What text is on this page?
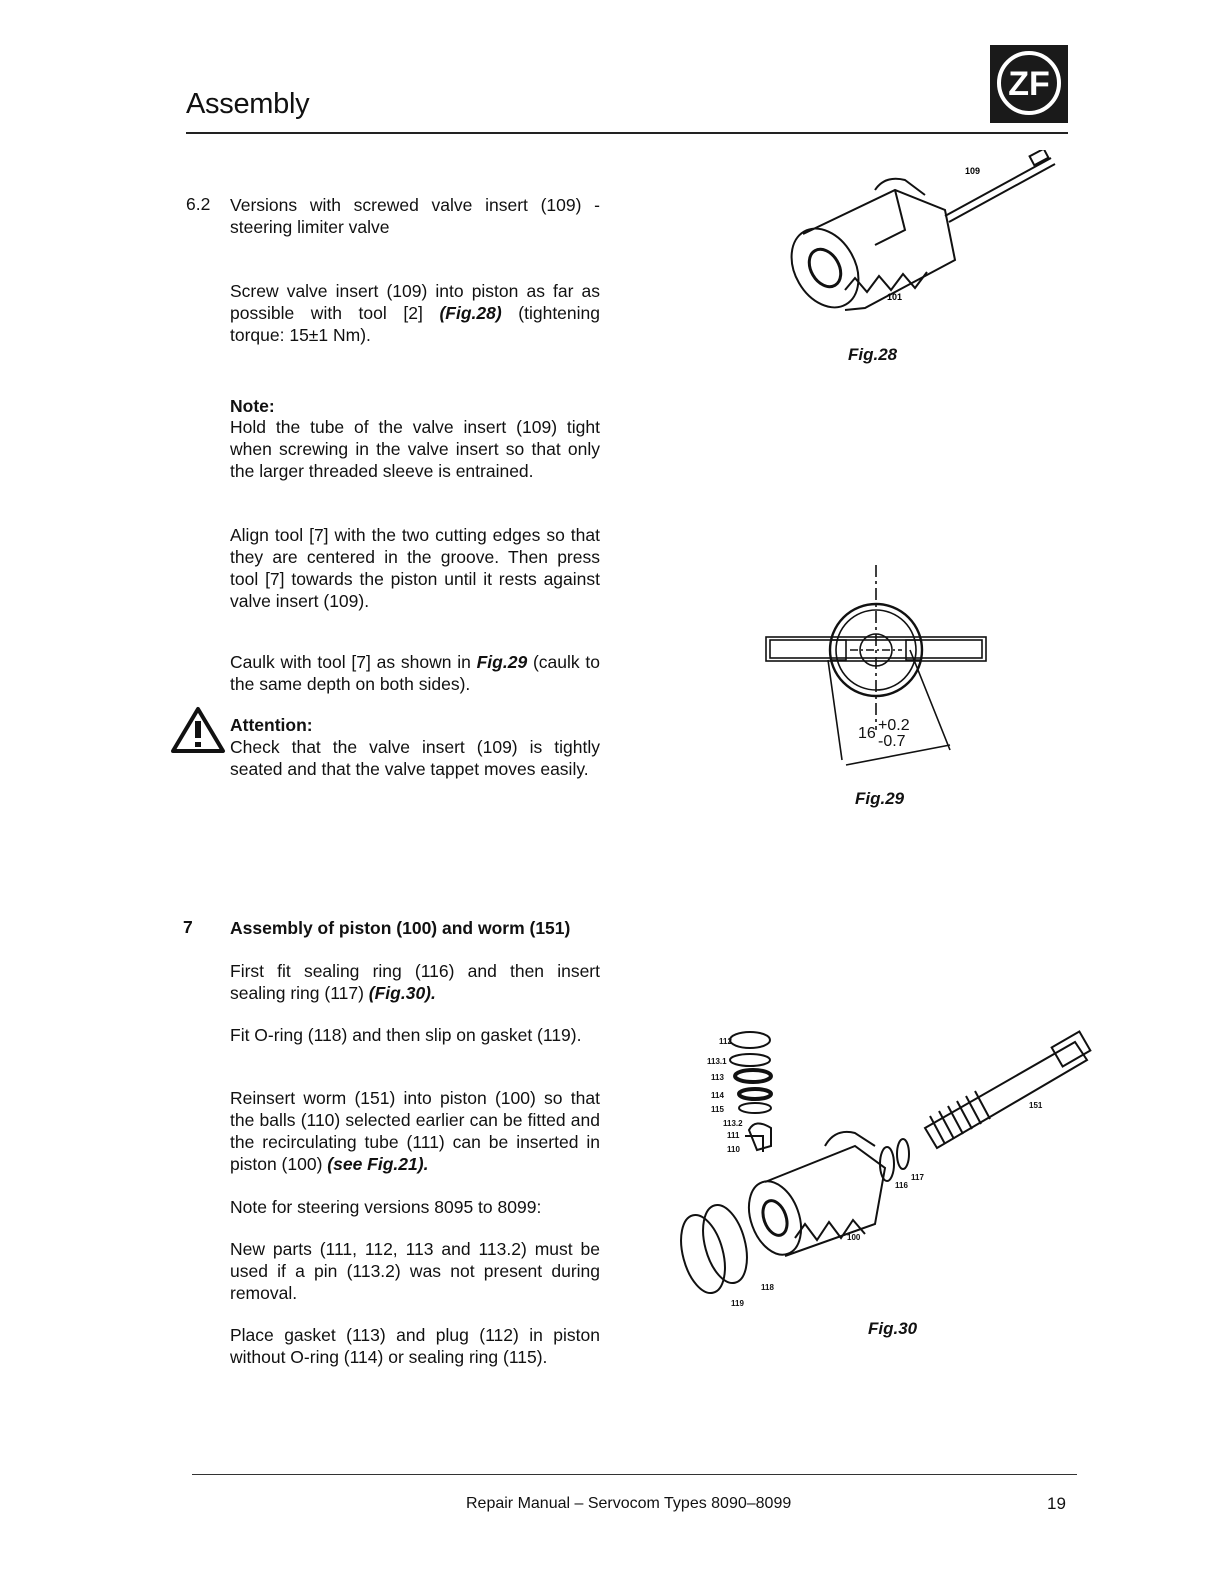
Assembly
ZF
6.2 Versions with screwed valve insert (109) - steering limiter valve
Screw valve insert (109) into piston as far as possible with tool [2] (Fig.28) (tightening torque: 15±1 Nm).
Note:
Hold the tube of the valve insert (109) tight when screwing in the valve insert so that only the larger threaded sleeve is entrained.
Align tool [7] with the two cutting edges so that they are centered in the groove. Then press tool [7] towards the piston until it rests against valve insert (109).
Caulk with tool [7] as shown in Fig.29 (caulk to the same depth on both sides).
Attention:
Check that the valve insert (109) is tightly seated and that the valve tappet moves easily.
7 Assembly of piston (100) and worm (151)
First fit sealing ring (116) and then insert sealing ring (117) (Fig.30).
Fit O-ring (118) and then slip on gasket (119).
Reinsert worm (151) into piston (100) so that the balls (110) selected earlier can be fitted and the recirculating tube (111) can be inserted in piston (100) (see Fig.21).
Note for steering versions 8095 to 8099:
New parts (111, 112, 113 and 113.2) must be used if a pin (113.2) was not present during removal.
Place gasket (113) and plug (112) in piston without O-ring (114) or sealing ring (115).
109
101
Fig.28
16 +0.2
-0.7
Fig.29
112
113.1
113
114
115
113.2
111
110
100
151
117
116
118
119
Fig.30
Repair Manual – Servocom Types 8090–8099	19
